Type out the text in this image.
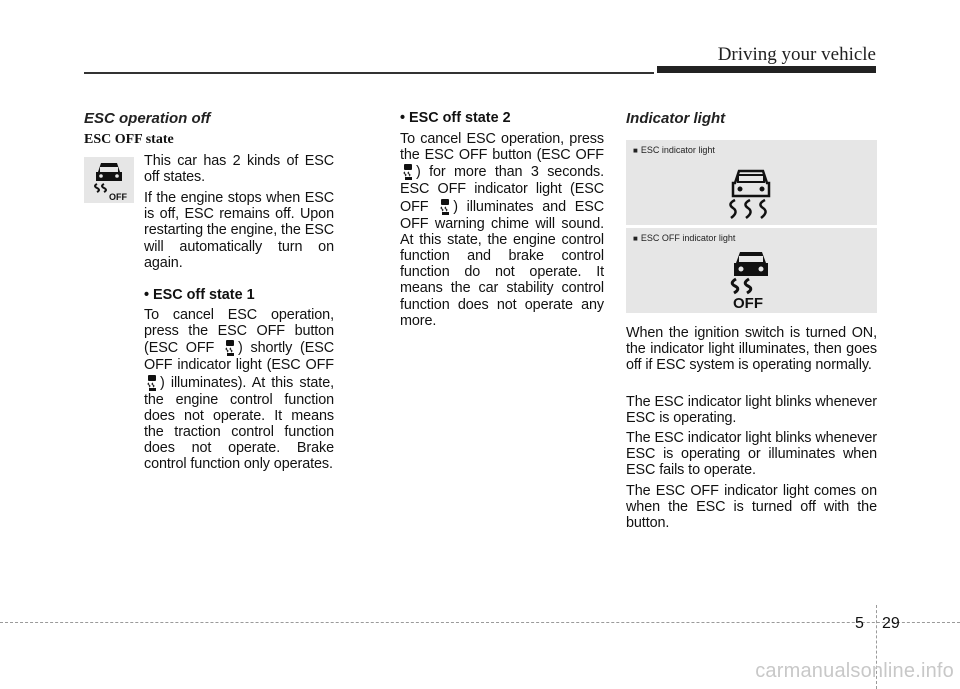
Driving your vehicle
ESC operation off
ESC OFF state
OFF
This car has 2 kinds of ESC off states.
If the engine stops when ESC is off, ESC remains off. Upon restarting the engine, the ESC will automatically turn on again.
• ESC off state 1
To cancel ESC operation, press the ESC OFF button (ESC OFF ) shortly (ESC OFF indicator light (ESC OFF ) illuminates). At this state, the engine control function does not operate. It means the traction control function does not operate. Brake control function only operates.
• ESC off state 2
To cancel ESC operation, press the ESC OFF button (ESC OFF ) for more than 3 seconds. ESC OFF indicator light (ESC OFF ) illuminates and ESC OFF warning chime will sound. At this state, the engine control function and brake control function do not operate. It means the car stability control function does not operate any more.
Indicator light
■ ESC indicator light
■ ESC OFF indicator light
OFF
When the ignition switch is turned ON, the indicator light illuminates, then goes off if ESC system is operating normally.
The ESC indicator light blinks whenever ESC is operating.
The ESC indicator light blinks whenever ESC is operating or illuminates when ESC fails to operate.
The ESC OFF indicator light comes on when the ESC is turned off with the button.
5 29
carmanualsonline.info
